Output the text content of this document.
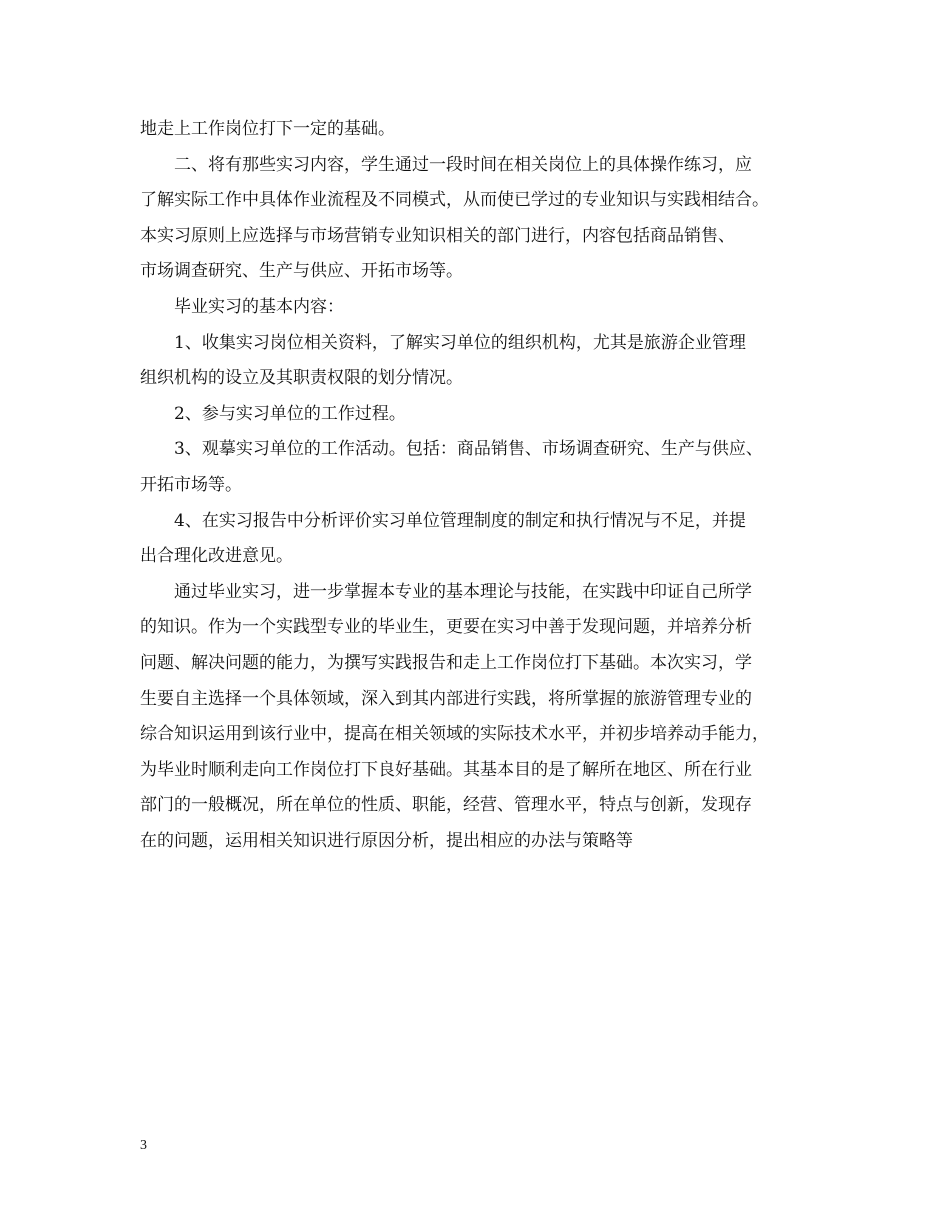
地走上工作岗位打下一定的基础。
二、将有那些实习内容，学生通过一段时间在相关岗位上的具体操作练习，应
了解实际工作中具体作业流程及不同模式，从而使已学过的专业知识与实践相结合。
本实习原则上应选择与市场营销专业知识相关的部门进行，内容包括商品销售、
市场调查研究、生产与供应、开拓市场等。
毕业实习的基本内容：
1、收集实习岗位相关资料，了解实习单位的组织机构，尤其是旅游企业管理
组织机构的设立及其职责权限的划分情况。
2、参与实习单位的工作过程。
3、观摹实习单位的工作活动。包括：商品销售、市场调查研究、生产与供应、
开拓市场等。
4、在实习报告中分析评价实习单位管理制度的制定和执行情况与不足，并提
出合理化改进意见。
通过毕业实习，进一步掌握本专业的基本理论与技能，在实践中印证自己所学
的知识。作为一个实践型专业的毕业生，更要在实习中善于发现问题，并培养分析
问题、解决问题的能力，为撰写实践报告和走上工作岗位打下基础。本次实习，学
生要自主选择一个具体领域，深入到其内部进行实践，将所掌握的旅游管理专业的
综合知识运用到该行业中，提高在相关领域的实际技术水平，并初步培养动手能力，
为毕业时顺利走向工作岗位打下良好基础。其基本目的是了解所在地区、所在行业
部门的一般概况，所在单位的性质、职能，经营、管理水平，特点与创新，发现存
在的问题，运用相关知识进行原因分析，提出相应的办法与策略等
3
